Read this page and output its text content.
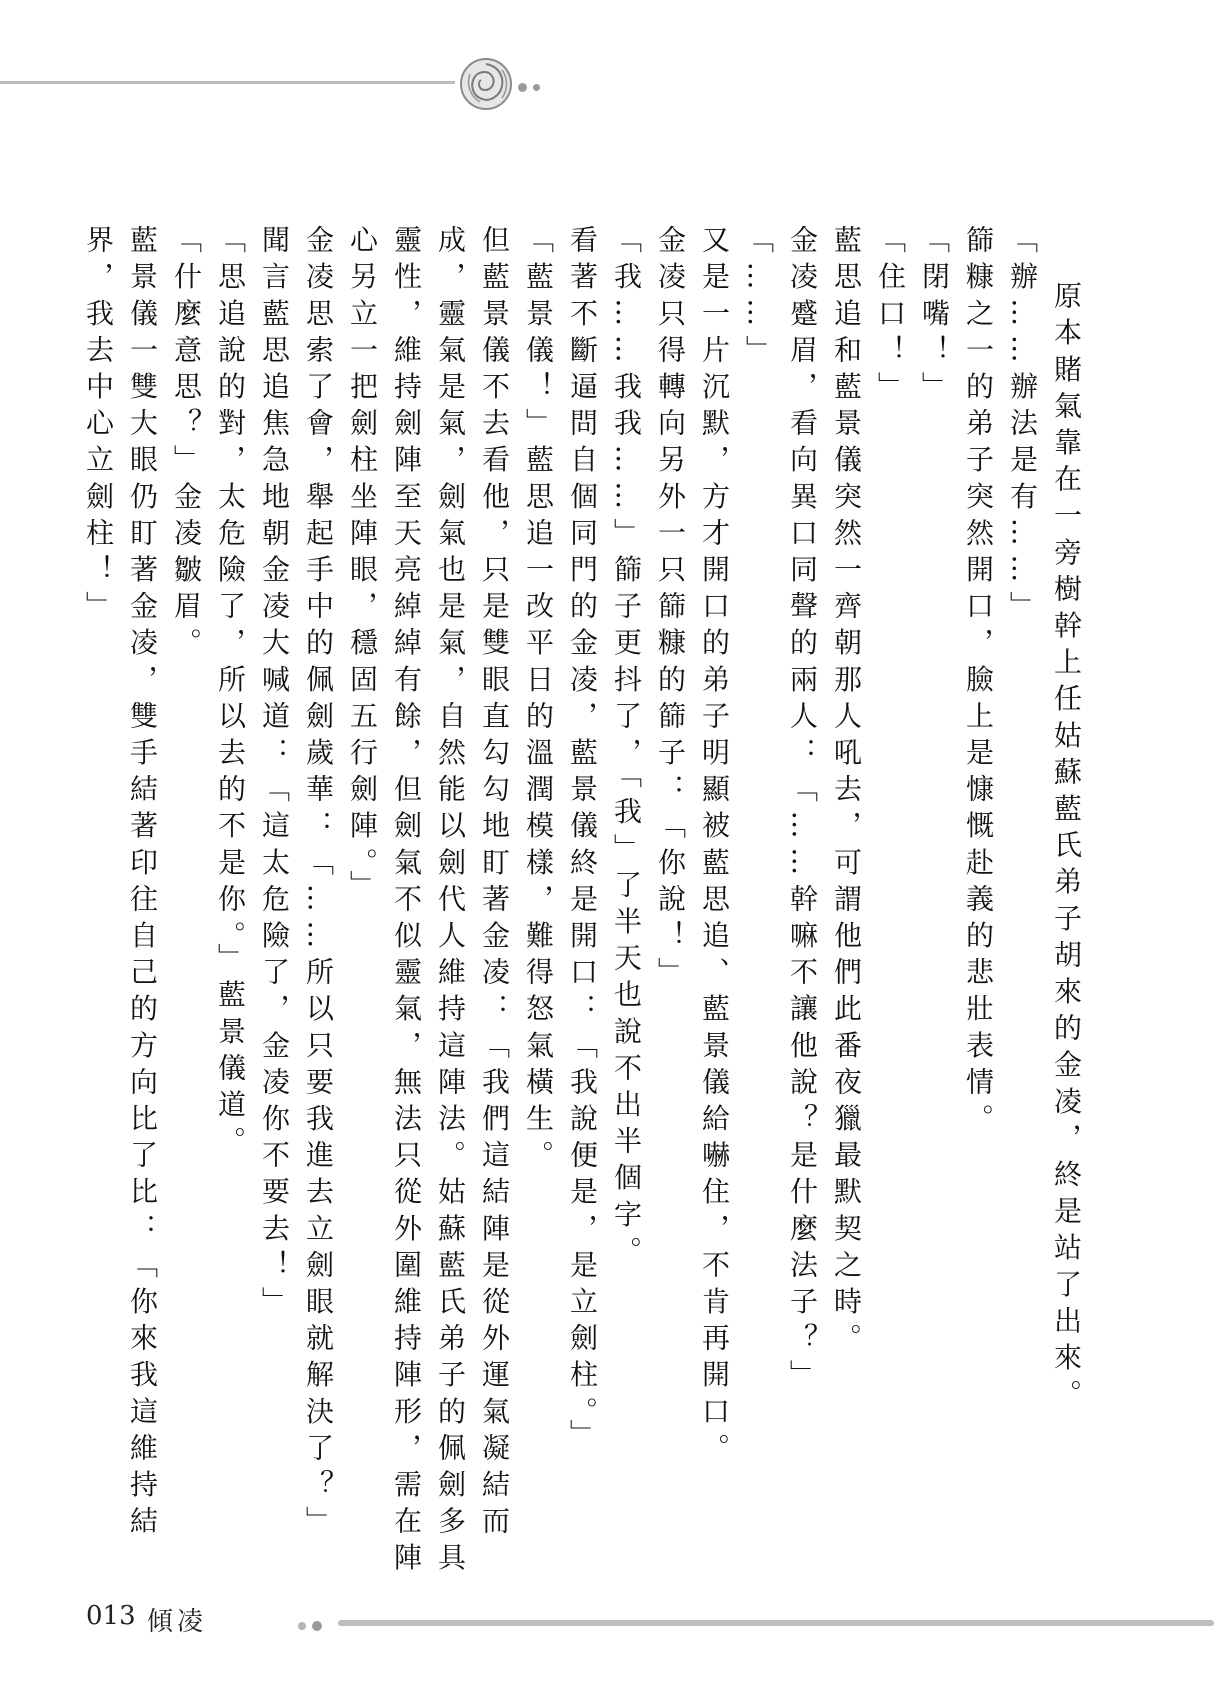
原本賭氣靠在一旁樹幹上任姑蘇藍氏弟子胡來的金凌，終是站了出來。

「辦……辦法是有……」

篩糠之一的弟子突然開口，臉上是慷慨赴義的悲壯表情。

「閉嘴！」

「住口！」

藍思追和藍景儀突然一齊朝那人吼去，可謂他們此番夜獵最默契之時。

金凌蹙眉，看向異口同聲的兩人：「……幹嘛不讓他說？是什麼法子？」

「……」

又是一片沉默，方才開口的弟子明顯被藍思追、藍景儀給嚇住，不肯再開口。

金凌只得轉向另外一只篩糠的篩子：「你說！」

「我……我我……」篩子更抖了，「我」了半天也說不出半個字。

看著不斷逼問自個同門的金凌，藍景儀終是開口：「我說便是，是立劍柱。」

「藍景儀！」藍思追一改平日的溫潤模樣，難得怒氣橫生。

但藍景儀不去看他，只是雙眼直勾勾地盯著金凌：「我們這結陣是從外運氣凝結而成，靈氣是氣，劍氣也是氣，自然能以劍代人維持這陣法。姑蘇藍氏弟子的佩劍多具靈性，維持劍陣至天亮綽綽有餘，但劍氣不似靈氣，無法只從外圍維持陣形，需在陣心另立一把劍柱坐陣眼，穩固五行劍陣。」

金凌思索了會，舉起手中的佩劍歲華：「……所以只要我進去立劍眼就解決了？」

聞言藍思追焦急地朝金凌大喊道：「這太危險了，金凌你不要去！」

「思追說的對，太危險了，所以去的不是你。」藍景儀道。

「什麼意思？」金凌皺眉。

藍景儀一雙大眼仍盯著金凌，雙手結著印往自己的方向比了比：「你來我這維持結界，我去中心立劍柱！」

013 傾凌
